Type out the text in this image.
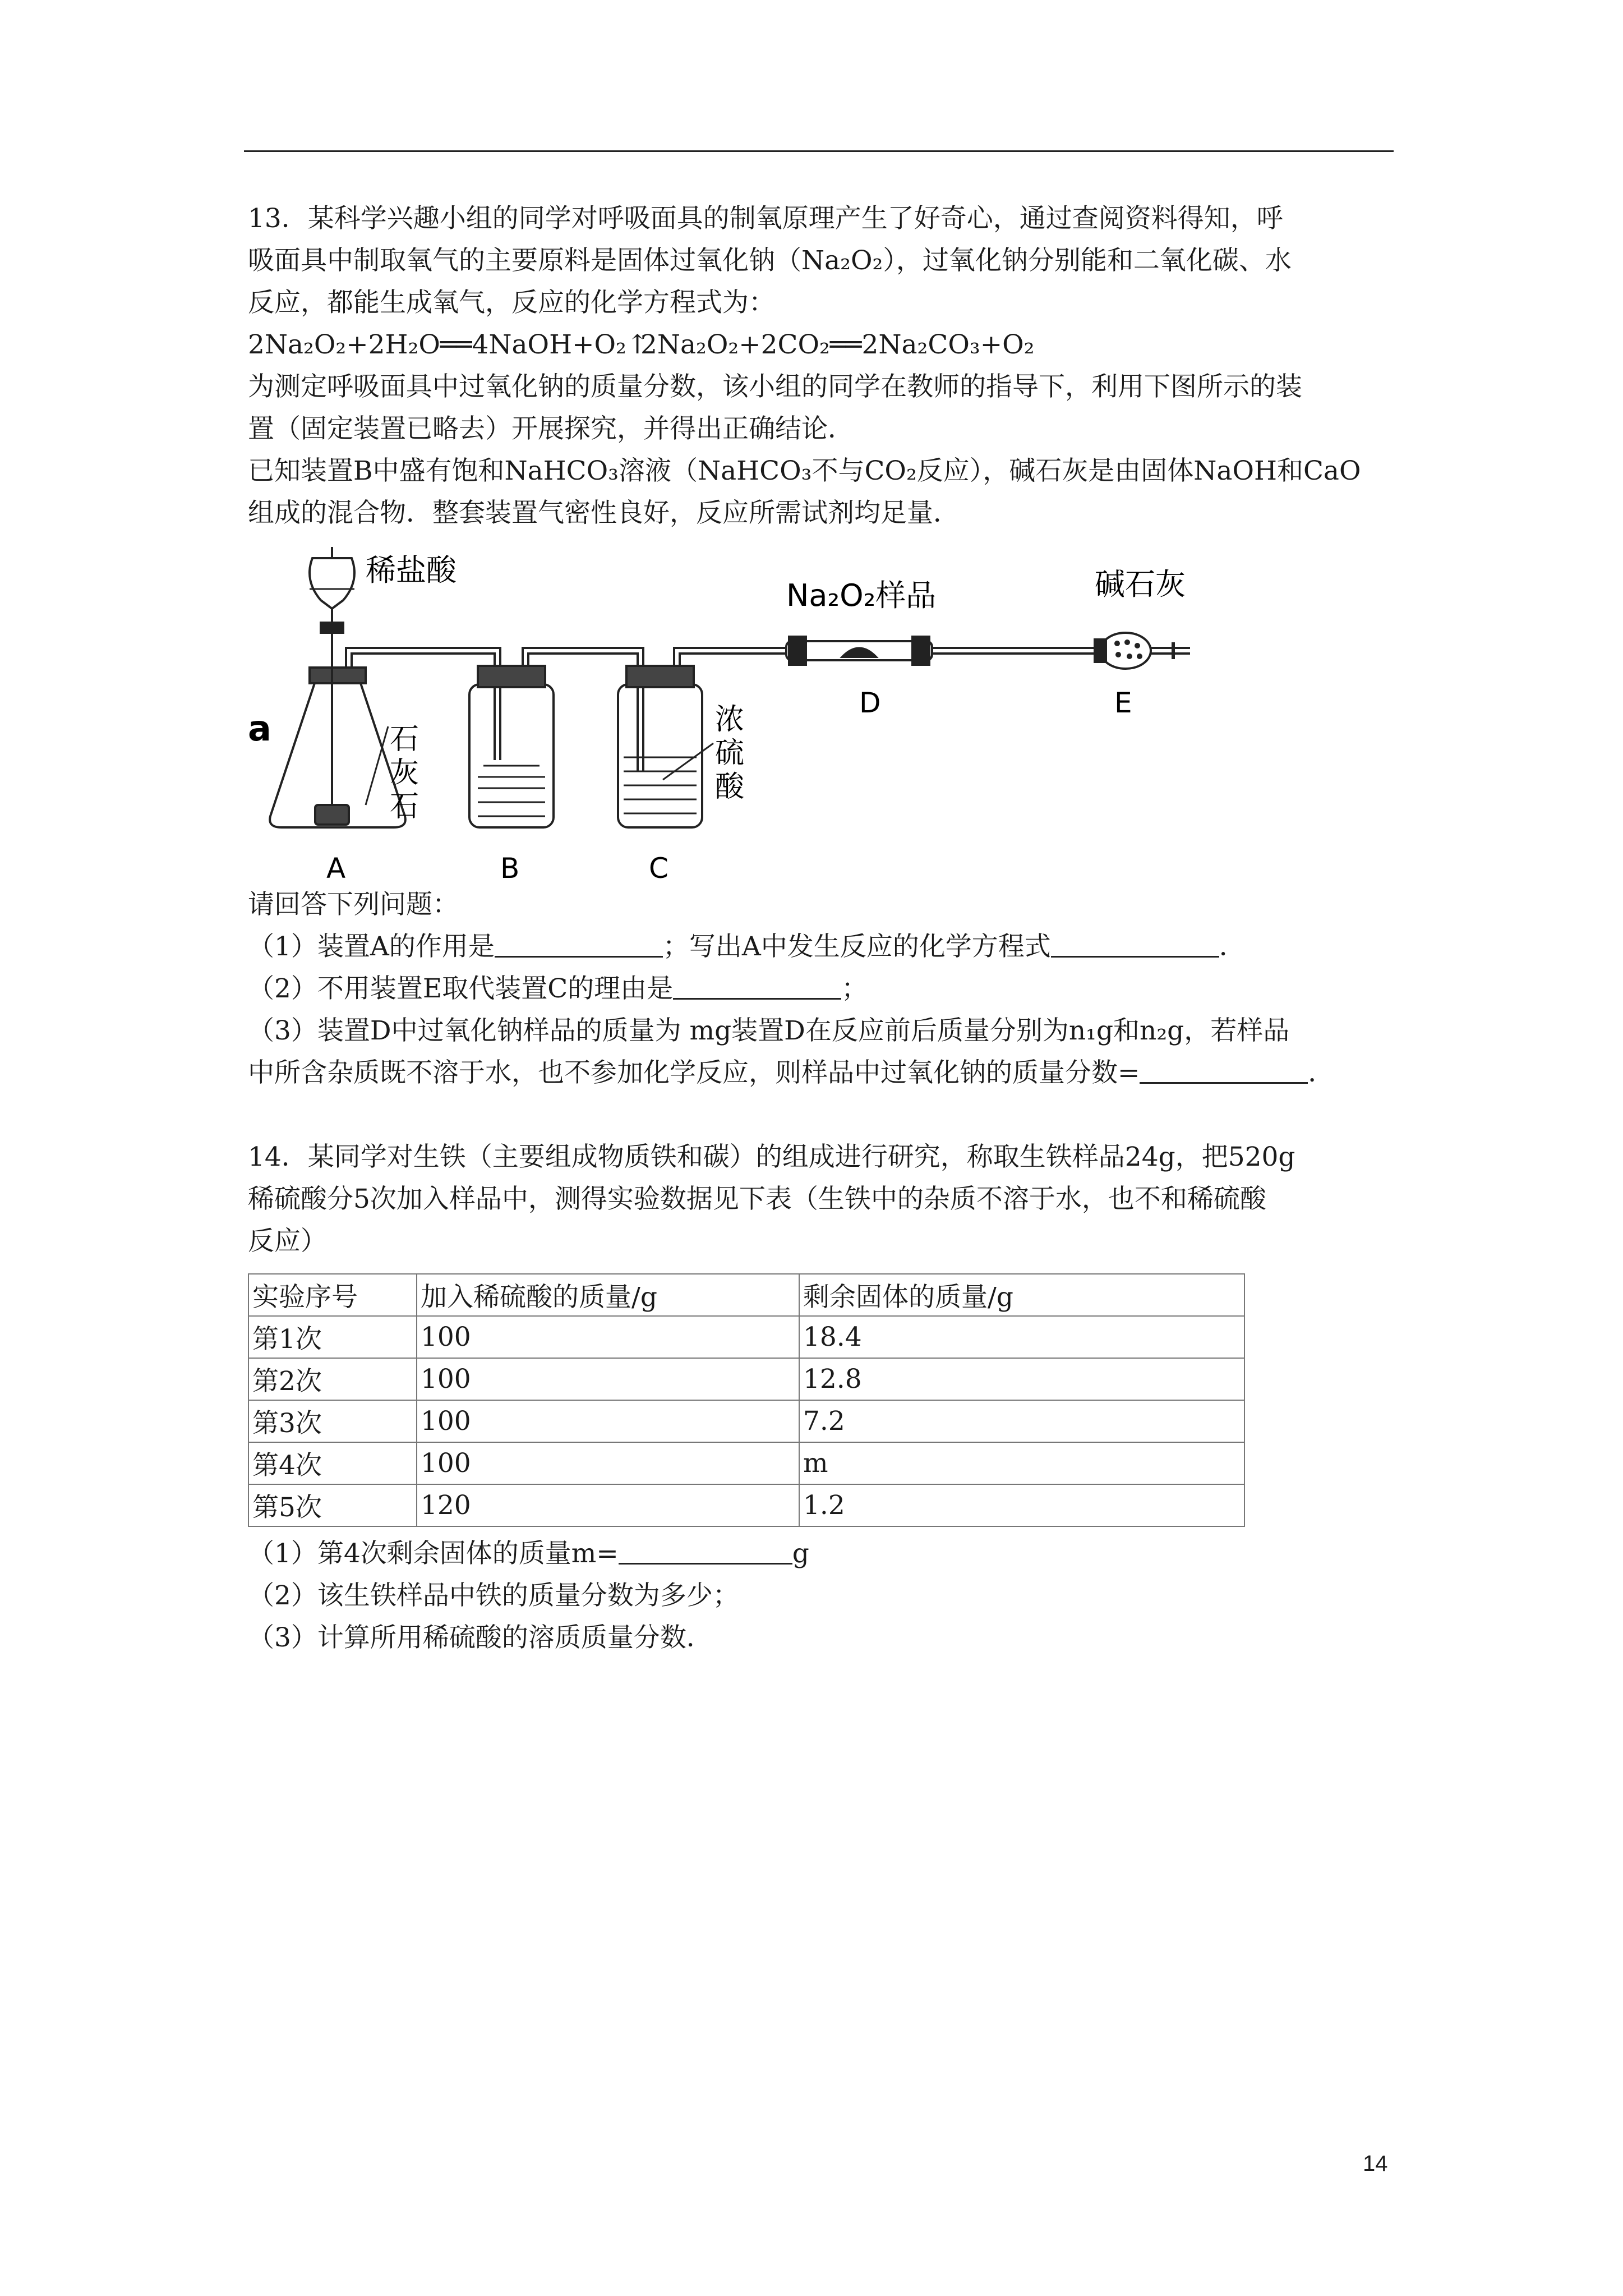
13．某科学兴趣小组的同学对呼吸面具的制氧原理产生了好奇心，通过查阅资料得知，呼
吸面具中制取氧气的主要原料是固体过氧化钠（Na₂O₂），过氧化钠分别能和二氧化碳、水
反应，都能生成氧气，反应的化学方程式为：
2Na₂O₂+2H₂O══4NaOH+O₂↑
2Na₂O₂+2CO₂══2Na₂CO₃+O₂
为测定呼吸面具中过氧化钠的质量分数，该小组的同学在教师的指导下，利用下图所示的装
置（固定装置已略去）开展探究，并得出正确结论．
已知装置B中盛有饱和NaHCO₃溶液（NaHCO₃不与CO₂反应），碱石灰是由固体NaOH和CaO
组成的混合物．整套装置气密性良好，反应所需试剂均足量．
稀盐酸
Na₂O₂样品	碱石灰
a	石
灰
石
浓
硫
酸
A	B	C
D	E
请回答下列问题：
（1）装置A的作用是	；写出A中发生反应的化学方程式	．
（2）不用装置E取代装置C的理由是	；
（3）装置D中过氧化钠样品的质量为 mg装置D在反应前后质量分别为n₁g和n₂g，若样品
中所含杂质既不溶于水，也不参加化学反应，则样品中过氧化钠的质量分数=	．
14．某同学对生铁（主要组成物质铁和碳）的组成进行研究，称取生铁样品24g，把520g
稀硫酸分5次加入样品中，测得实验数据见下表（生铁中的杂质不溶于水，也不和稀硫酸
反应）
实验序号	加入稀硫酸的质量/g	剩余固体的质量/g
第1次	100	18.4
第2次	100	12.8
第3次	100	7.2
第4次	100	m
第5次	120	1.2
（1）第4次剩余固体的质量m=	g
（2）该生铁样品中铁的质量分数为多少；
（3）计算所用稀硫酸的溶质质量分数．
14
